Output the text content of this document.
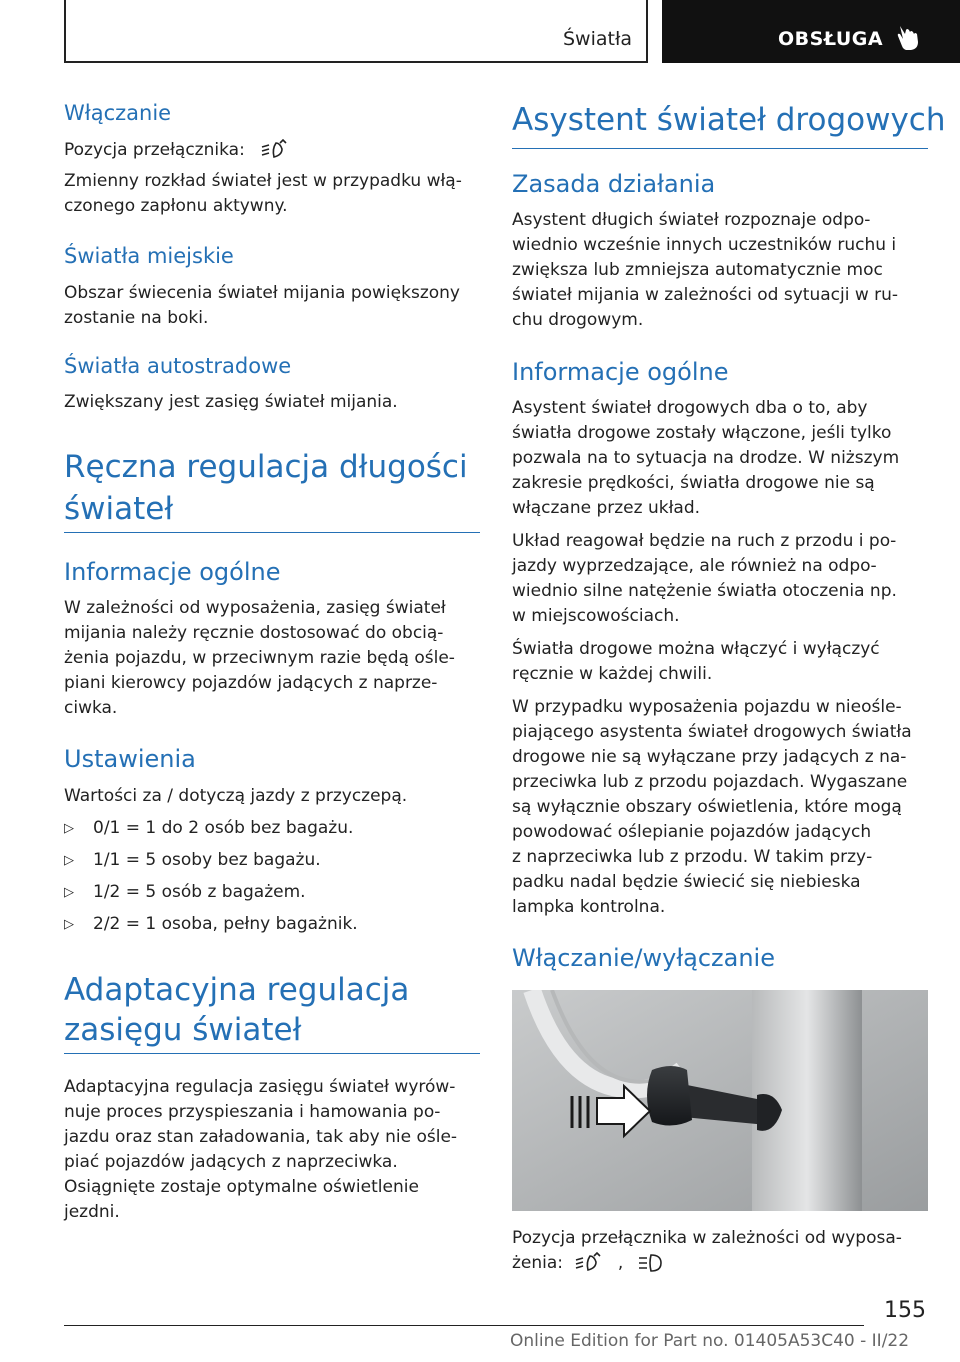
Światła	OBSŁUGA
Włączanie
Pozycja przełącznika:
Zmienny rozkład świateł jest w przypadku włą‐
czonego zapłonu aktywny.
Światła miejskie
Obszar świecenia świateł mijania powiększony
zostanie na boki.
Światła autostradowe
Zwiększany jest zasięg świateł mijania.
Ręczna regulacja długości
świateł
Informacje ogólne
W zależności od wyposażenia, zasięg świateł
mijania należy ręcznie dostosować do obcią‐
żenia pojazdu, w przeciwnym razie będą ośle‐
piani kierowcy pojazdów jadących z naprze‐
ciwka.
Ustawienia
Wartości za / dotyczą jazdy z przyczepą.
▷ 0/1 = 1 do 2 osób bez bagażu.
▷ 1/1 = 5 osoby bez bagażu.
▷ 1/2 = 5 osób z bagażem.
▷ 2/2 = 1 osoba, pełny bagażnik.
Adaptacyjna regulacja
zasięgu świateł
Adaptacyjna regulacja zasięgu świateł wyrów‐
nuje proces przyspieszania i hamowania po‐
jazdu oraz stan załadowania, tak aby nie ośle‐
piać pojazdów jadących z naprzeciwka.
Osiągnięte zostaje optymalne oświetlenie
jezdni.
Asystent świateł drogowych
Zasada działania
Asystent długich świateł rozpoznaje odpo‐
wiednio wcześnie innych uczestników ruchu i
zwiększa lub zmniejsza automatycznie moc
świateł mijania w zależności od sytuacji w ru‐
chu drogowym.
Informacje ogólne
Asystent świateł drogowych dba o to, aby
światła drogowe zostały włączone, jeśli tylko
pozwala na to sytuacja na drodze. W niższym
zakresie prędkości, światła drogowe nie są
włączane przez układ.
Układ reagował będzie na ruch z przodu i po‐
jazdy wyprzedzające, ale również na odpo‐
wiednio silne natężenie światła otoczenia np.
w miejscowościach.
Światła drogowe można włączyć i wyłączyć
ręcznie w każdej chwili.
W przypadku wyposażenia pojazdu w nieośle‐
piającego asystenta świateł drogowych światła
drogowe nie są wyłączane przy jadących z na‐
przeciwka lub z przodu pojazdach. Wygaszane
są wyłącznie obszary oświetlenia, które mogą
powodować oślepianie pojazdów jadących
z naprzeciwka lub z przodu. W takim przy‐
padku nadal będzie świecić się niebieska
lampka kontrolna.
Włączanie/wyłączanie
Pozycja przełącznika w zależności od wyposa‐
żenia:	,
155
Online Edition for Part no. 01405A53C40 - II/22
